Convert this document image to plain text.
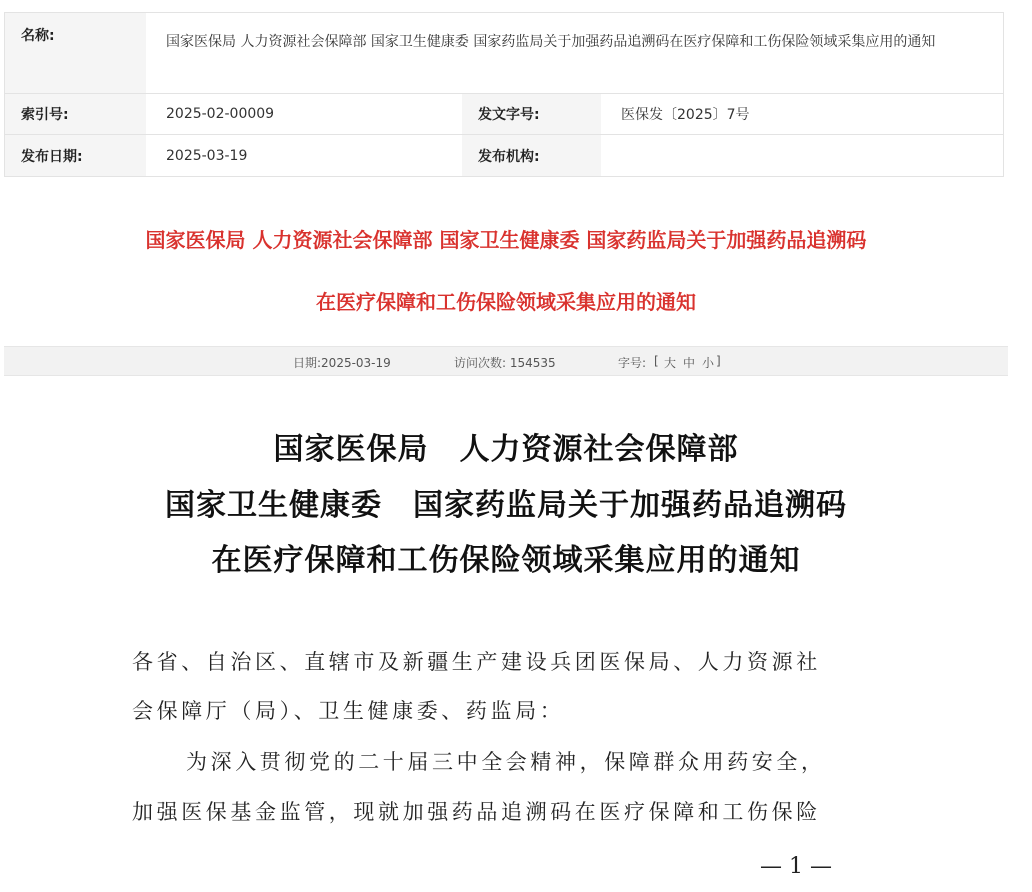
名称:	国家医保局 人力资源社会保障部 国家卫生健康委 国家药监局关于加强药品追溯码在医疗保障和工伤保险领域采集应用的通知
索引号:	2025-02-00009	发文字号:	医保发〔2025〕7号
发布日期:	2025-03-19	发布机构:
国家医保局 人力资源社会保障部 国家卫生健康委 国家药监局关于加强药品追溯码
在医疗保障和工伤保险领域采集应用的通知
日期:2025-03-19	访问次数: 154535	字号: [ 大 中 小 ]
国家医保局　人力资源社会保障部
国家卫生健康委　国家药监局关于加强药品追溯码
在医疗保障和工伤保险领域采集应用的通知
各省、自治区、直辖市及新疆生产建设兵团医保局、人力资源社
会保障厅（局）、卫生健康委、药监局：
为深入贯彻党的二十届三中全会精神，保障群众用药安全，
加强医保基金监管，现就加强药品追溯码在医疗保障和工伤保险
— 1 —
